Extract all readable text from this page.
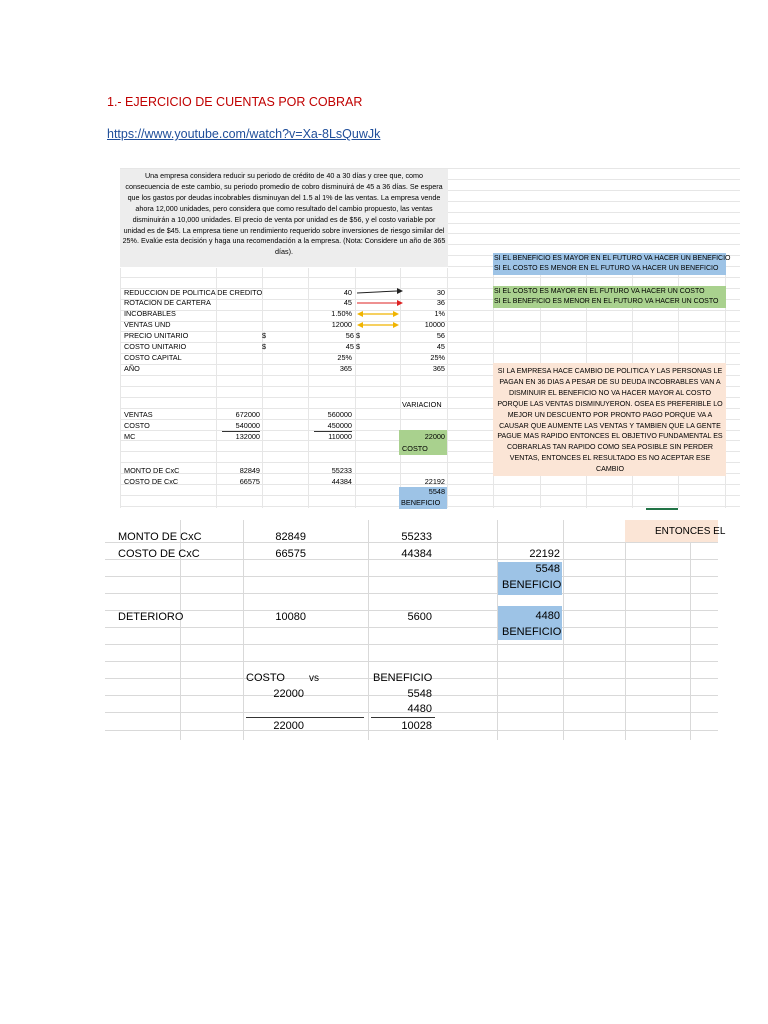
1.- EJERCICIO DE CUENTAS POR COBRAR
https://www.youtube.com/watch?v=Xa-8LsQuwJk
Una empresa considera reducir su periodo de crédito de 40 a 30 días y cree que, como consecuencia de este cambio, su periodo promedio de cobro disminuirá de 45 a 36 días. Se espera que los gastos por deudas incobrables disminuyan del 1.5 al 1% de las ventas. La empresa vende ahora 12,000 unidades, pero considera que como resultado del cambio propuesto, las ventas disminuirán a 10,000 unidades. El precio de venta por unidad es de $56, y el costo variable por unidad es de $45. La empresa tiene un rendimiento requerido sobre inversiones de riesgo similar del 25%. Evalúe esta decisión y haga una recomendación a la empresa. (Nota: Considere un año de 365 días).
REDUCCION DE POLITICA DE CREDITO	40	30
ROTACION DE CARTERA	45	36
INCOBRABLES	1.50%	1%
VENTAS UND	12000	10000
PRECIO UNITARIO	$	56 $	56
COSTO UNITARIO	$	45 $	45
COSTO CAPITAL	25%	25%
AÑO	365	365
VARIACION
VENTAS	672000	560000
COSTO	540000	450000
MC	132000	110000	22000
COSTO
MONTO DE CxC	82849	55233
COSTO DE CxC	66575	44384	22192
5548
BENEFICIO
SI EL BENEFICIO ES MAYOR EN EL FUTURO VA HACER UN BENEFICIO
SI EL COSTO ES MENOR EN EL FUTURO VA HACER UN BENEFICIO
SI EL COSTO ES MAYOR EN EL FUTURO VA HACER UN COSTO
SI EL BENEFICIO ES MENOR EN EL FUTURO VA HACER UN COSTO
SI LA EMPRESA HACE CAMBIO DE POLITICA Y LAS PERSONAS LE PAGAN EN 36 DIAS A PESAR DE SU DEUDA INCOBRABLES VAN A DISMINUIR EL BENEFICIO NO VA HACER MAYOR AL COSTO PORQUE LAS VENTAS DISMINUYERON. OSEA ES PREFERIBLE LO MEJOR UN DESCUENTO POR PRONTO PAGO PORQUE VA A CAUSAR QUE AUMENTE LAS VENTAS Y TAMBIEN QUE LA GENTE PAGUE MAS RAPIDO ENTONCES EL OBJETIVO FUNDAMENTAL ES COBRARLAS TAN RAPIDO COMO SEA POSIBLE SIN PERDER VENTAS, ENTONCES EL RESULTADO ES NO ACEPTAR ESE CAMBIO
ENTONCES EL
MONTO DE CxC	82849	55233
COSTO DE CxC	66575	44384	22192
5548
BENEFICIO
DETERIORO	10080	5600	4480
BENEFICIO
COSTO vs	BENEFICIO
22000	5548
4480
22000	10028
